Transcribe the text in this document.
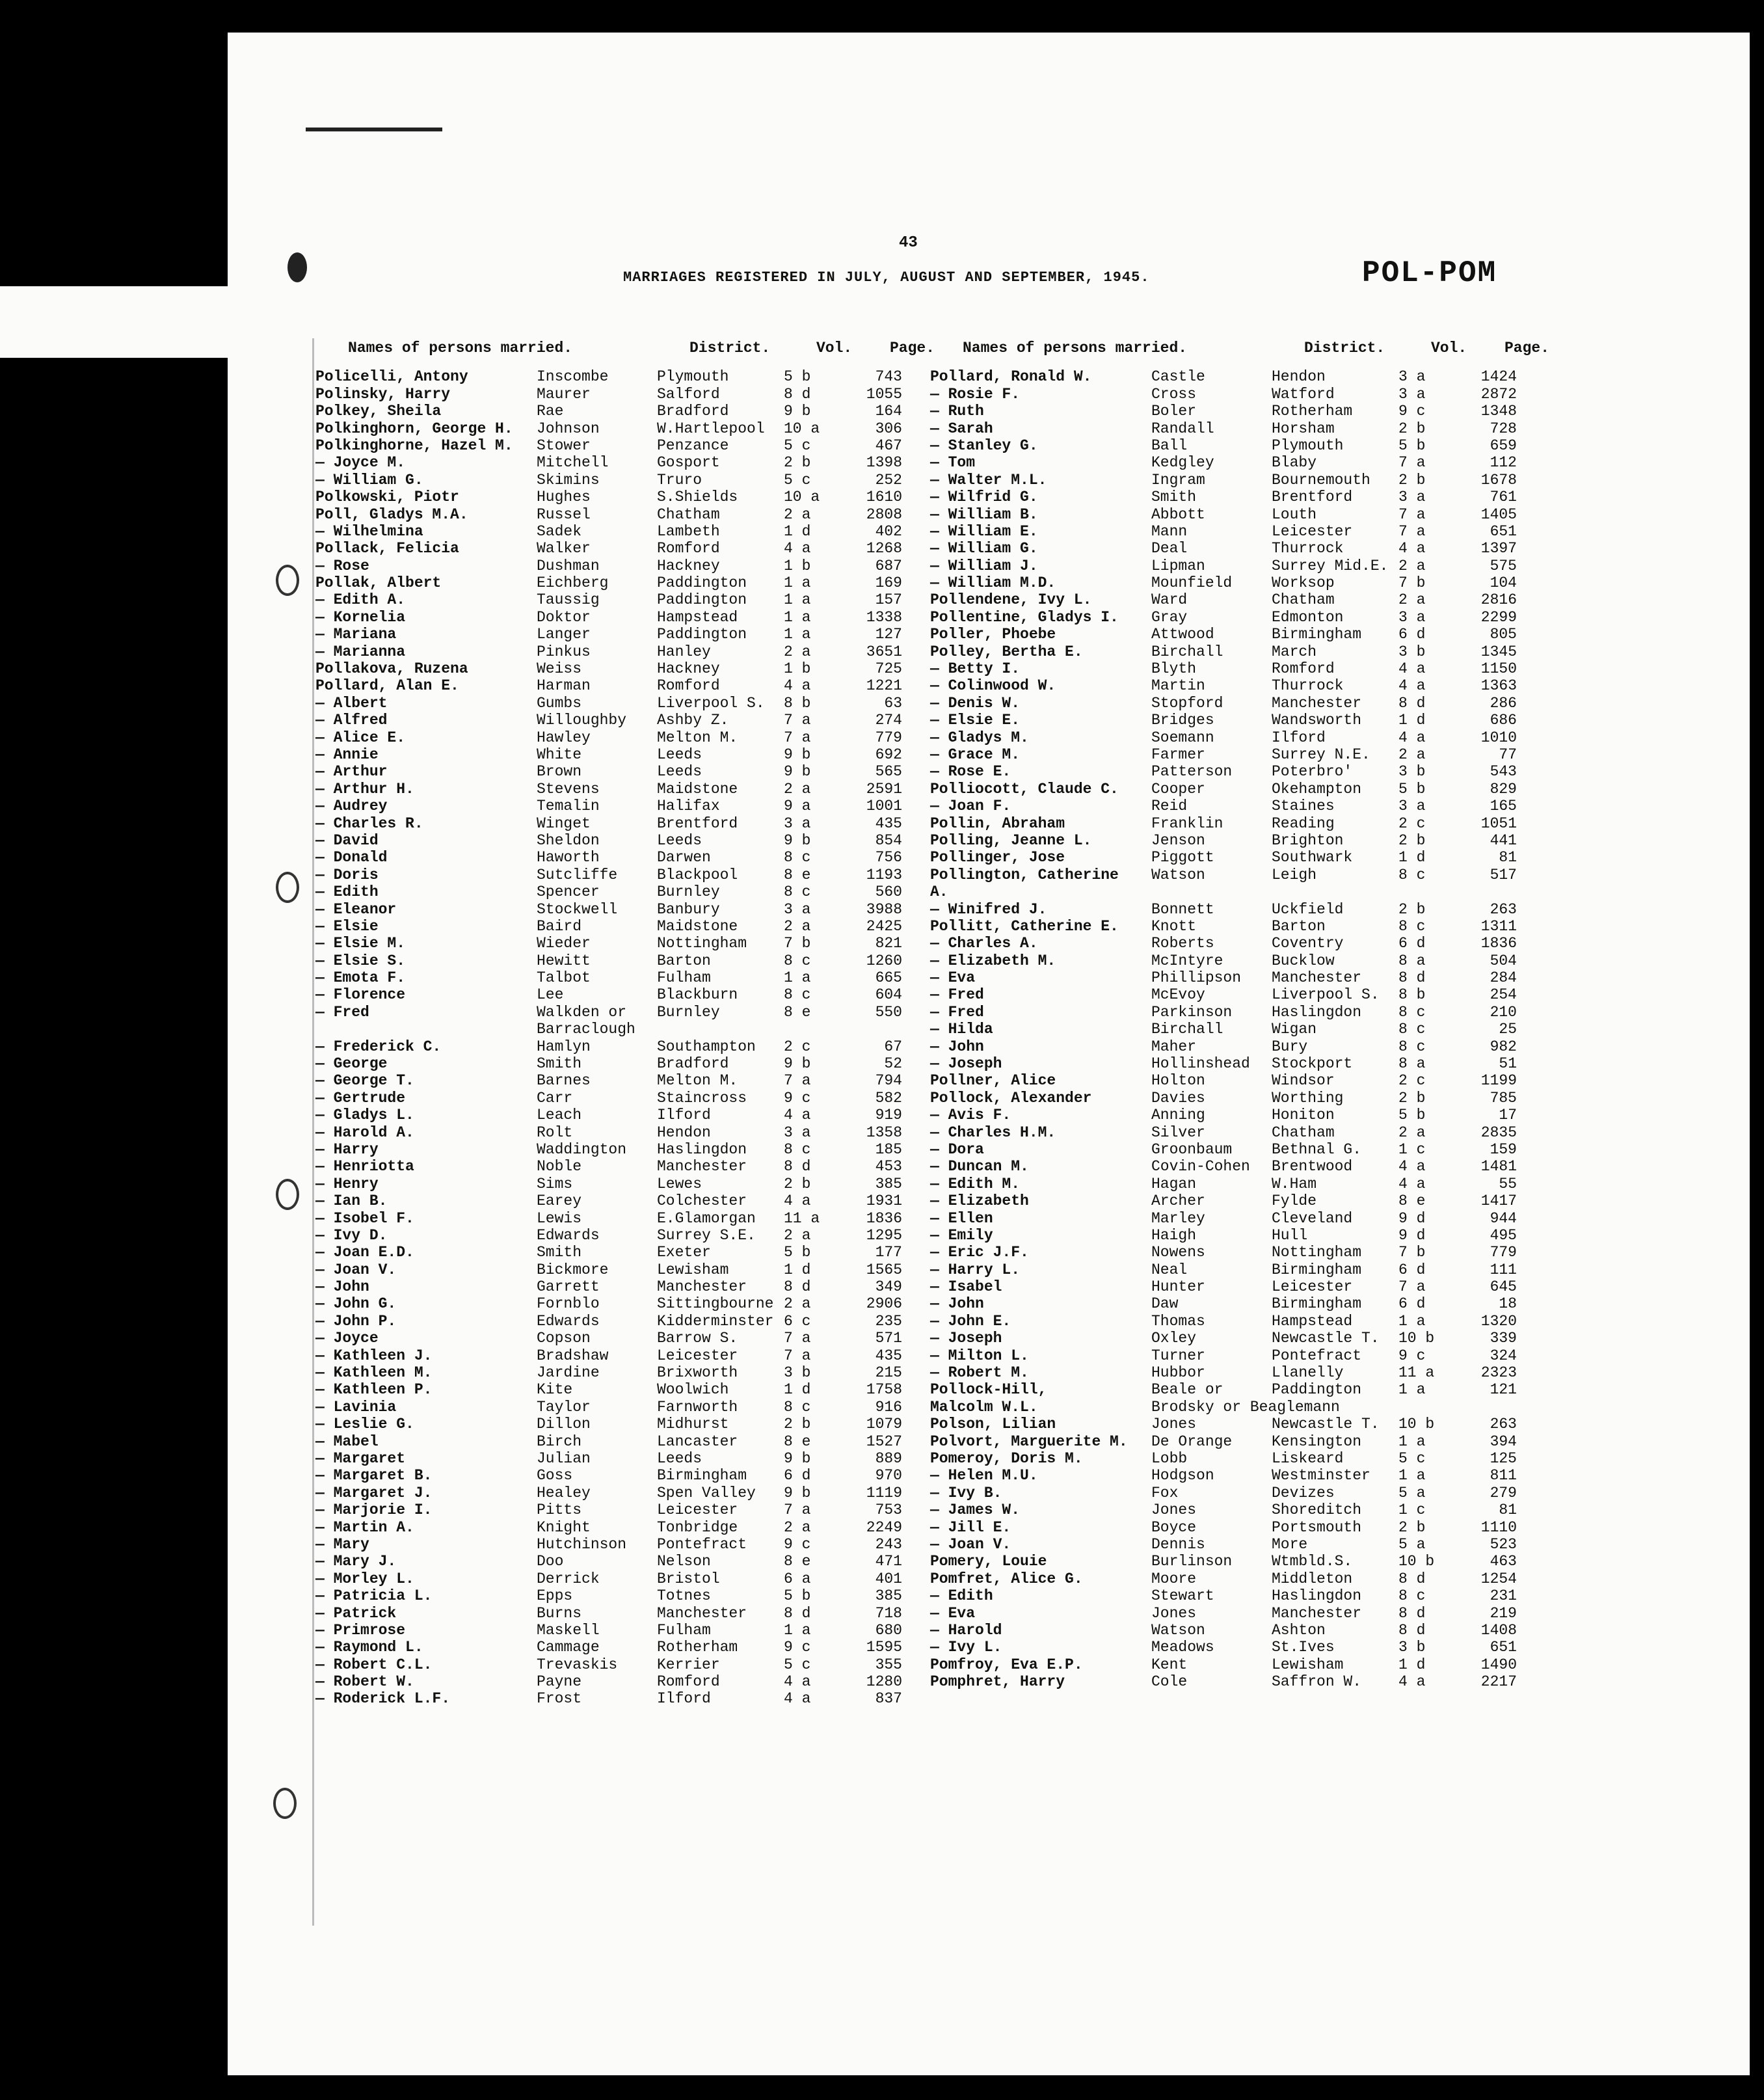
43
MARRIAGES REGISTERED IN JULY, AUGUST AND SEPTEMBER, 1945.	POL-POM
Names of persons married.	District.	Vol.	Page.
Policelli, Antony	Inscombe	Plymouth	5 b	743
Polinsky, Harry	Maurer	Salford	8 d	1055
Polkey, Sheila	Rae	Bradford	9 b	164
Polkinghorn, George H.	Johnson	W.Hartlepool	10 a	306
Polkinghorne, Hazel M.	Stower	Penzance	5 c	467
— Joyce M.	Mitchell	Gosport	2 b	1398
— William G.	Skimins	Truro	5 c	252
Polkowski, Piotr	Hughes	S.Shields	10 a	1610
Poll, Gladys M.A.	Russel	Chatham	2 a	2808
— Wilhelmina	Sadek	Lambeth	1 d	402
Pollack, Felicia	Walker	Romford	4 a	1268
— Rose	Dushman	Hackney	1 b	687
Pollak, Albert	Eichberg	Paddington	1 a	169
— Edith A.	Taussig	Paddington	1 a	157
— Kornelia	Doktor	Hampstead	1 a	1338
— Mariana	Langer	Paddington	1 a	127
— Marianna	Pinkus	Hanley	2 a	3651
Pollakova, Ruzena	Weiss	Hackney	1 b	725
Pollard, Alan E.	Harman	Romford	4 a	1221
— Albert	Gumbs	Liverpool S.	8 b	63
— Alfred	Willoughby	Ashby Z.	7 a	274
— Alice E.	Hawley	Melton M.	7 a	779
— Annie	White	Leeds	9 b	692
— Arthur	Brown	Leeds	9 b	565
— Arthur H.	Stevens	Maidstone	2 a	2591
— Audrey	Temalin	Halifax	9 a	1001
— Charles R.	Winget	Brentford	3 a	435
— David	Sheldon	Leeds	9 b	854
— Donald	Haworth	Darwen	8 c	756
— Doris	Sutcliffe	Blackpool	8 e	1193
— Edith	Spencer	Burnley	8 c	560
— Eleanor	Stockwell	Banbury	3 a	3988
— Elsie	Baird	Maidstone	2 a	2425
— Elsie M.	Wieder	Nottingham	7 b	821
— Elsie S.	Hewitt	Barton	8 c	1260
— Emota F.	Talbot	Fulham	1 a	665
— Florence	Lee	Blackburn	8 c	604
— Fred	Walkden or	Burnley	8 e	550
Barraclough
— Frederick C.	Hamlyn	Southampton	2 c	67
— George	Smith	Bradford	9 b	52
— George T.	Barnes	Melton M.	7 a	794
— Gertrude	Carr	Staincross	9 c	582
— Gladys L.	Leach	Ilford	4 a	919
— Harold A.	Rolt	Hendon	3 a	1358
— Harry	Waddington	Haslingdon	8 c	185
— Henriotta	Noble	Manchester	8 d	453
— Henry	Sims	Lewes	2 b	385
— Ian B.	Earey	Colchester	4 a	1931
— Isobel F.	Lewis	E.Glamorgan	11 a	1836
— Ivy D.	Edwards	Surrey S.E.	2 a	1295
— Joan E.D.	Smith	Exeter	5 b	177
— Joan V.	Bickmore	Lewisham	1 d	1565
— John	Garrett	Manchester	8 d	349
— John G.	Fornblo	Sittingbourne 2 a	2906
— John P.	Edwards	Kidderminster 6 c	235
— Joyce	Copson	Barrow S.	7 a	571
— Kathleen J.	Bradshaw	Leicester	7 a	435
— Kathleen M.	Jardine	Brixworth	3 b	215
— Kathleen P.	Kite	Woolwich	1 d	1758
— Lavinia	Taylor	Farnworth	8 c	916
— Leslie G.	Dillon	Midhurst	2 b	1079
— Mabel	Birch	Lancaster	8 e	1527
— Margaret	Julian	Leeds	9 b	889
— Margaret B.	Goss	Birmingham	6 d	970
— Margaret J.	Healey	Spen Valley	9 b	1119
— Marjorie I.	Pitts	Leicester	7 a	753
— Martin A.	Knight	Tonbridge	2 a	2249
— Mary	Hutchinson	Pontefract	9 c	243
— Mary J.	Doo	Nelson	8 e	471
— Morley L.	Derrick	Bristol	6 a	401
— Patricia L.	Epps	Totnes	5 b	385
— Patrick	Burns	Manchester	8 d	718
— Primrose	Maskell	Fulham	1 a	680
— Raymond L.	Cammage	Rotherham	9 c	1595
— Robert C.L.	Trevaskis	Kerrier	5 c	355
— Robert W.	Payne	Romford	4 a	1280
— Roderick L.F.	Frost	Ilford	4 a	837
Names of persons married.	District.	Vol.	Page.
Pollard, Ronald W.	Castle	Hendon	3 a	1424
— Rosie F.	Cross	Watford	3 a	2872
— Ruth	Boler	Rotherham	9 c	1348
— Sarah	Randall	Horsham	2 b	728
— Stanley G.	Ball	Plymouth	5 b	659
— Tom	Kedgley	Blaby	7 a	112
— Walter M.L.	Ingram	Bournemouth	2 b	1678
— Wilfrid G.	Smith	Brentford	3 a	761
— William B.	Abbott	Louth	7 a	1405
— William E.	Mann	Leicester	7 a	651
— William G.	Deal	Thurrock	4 a	1397
— William J.	Lipman	Surrey Mid.E. 2 a	575
— William M.D.	Mounfield	Worksop	7 b	104
Pollendene, Ivy L.	Ward	Chatham	2 a	2816
Pollentine, Gladys I.	Gray	Edmonton	3 a	2299
Poller, Phoebe	Attwood	Birmingham	6 d	805
Polley, Bertha E.	Birchall	March	3 b	1345
— Betty I.	Blyth	Romford	4 a	1150
— Colinwood W.	Martin	Thurrock	4 a	1363
— Denis W.	Stopford	Manchester	8 d	286
— Elsie E.	Bridges	Wandsworth	1 d	686
— Gladys M.	Soemann	Ilford	4 a	1010
— Grace M.	Farmer	Surrey N.E.	2 a	77
— Rose E.	Patterson	Poterbro'	3 b	543
Polliocott, Claude C.	Cooper	Okehampton	5 b	829
— Joan F.	Reid	Staines	3 a	165
Pollin, Abraham	Franklin	Reading	2 c	1051
Polling, Jeanne L.	Jenson	Brighton	2 b	441
Pollinger, Jose	Piggott	Southwark	1 d	81
Pollington, Catherine	Watson	Leigh	8 c	517
A.
— Winifred J.	Bonnett	Uckfield	2 b	263
Pollitt, Catherine E.	Knott	Barton	8 c	1311
— Charles A.	Roberts	Coventry	6 d	1836
— Elizabeth M.	McIntyre	Bucklow	8 a	504
— Eva	Phillipson	Manchester	8 d	284
— Fred	McEvoy	Liverpool S.	8 b	254
— Fred	Parkinson	Haslingdon	8 c	210
— Hilda	Birchall	Wigan	8 c	25
— John	Maher	Bury	8 c	982
— Joseph	Hollinshead	Stockport	8 a	51
Pollner, Alice	Holton	Windsor	2 c	1199
Pollock, Alexander	Davies	Worthing	2 b	785
— Avis F.	Anning	Honiton	5 b	17
— Charles H.M.	Silver	Chatham	2 a	2835
— Dora	Groonbaum	Bethnal G.	1 c	159
— Duncan M.	Covin-Cohen	Brentwood	4 a	1481
— Edith M.	Hagan	W.Ham	4 a	55
— Elizabeth	Archer	Fylde	8 e	1417
— Ellen	Marley	Cleveland	9 d	944
— Emily	Haigh	Hull	9 d	495
— Eric J.F.	Nowens	Nottingham	7 b	779
— Harry L.	Neal	Birmingham	6 d	111
— Isabel	Hunter	Leicester	7 a	645
— John	Daw	Birmingham	6 d	18
— John E.	Thomas	Hampstead	1 a	1320
— Joseph	Oxley	Newcastle T.	10 b	339
— Milton L.	Turner	Pontefract	9 c	324
— Robert M.	Hubbor	Llanelly	11 a	2323
Pollock-Hill,	Beale or	Paddington	1 a	121
Malcolm W.L.	Brodsky or Beaglemann
Polson, Lilian	Jones	Newcastle T.	10 b	263
Polvort, Marguerite M.	De Orange	Kensington	1 a	394
Pomeroy, Doris M.	Lobb	Liskeard	5 c	125
— Helen M.U.	Hodgson	Westminster	1 a	811
— Ivy B.	Fox	Devizes	5 a	279
— James W.	Jones	Shoreditch	1 c	81
— Jill E.	Boyce	Portsmouth	2 b	1110
— Joan V.	Dennis	More	5 a	523
Pomery, Louie	Burlinson	Wtmbld.S.	10 b	463
Pomfret, Alice G.	Moore	Middleton	8 d	1254
— Edith	Stewart	Haslingdon	8 c	231
— Eva	Jones	Manchester	8 d	219
— Harold	Watson	Ashton	8 d	1408
— Ivy L.	Meadows	St.Ives	3 b	651
Pomfroy, Eva E.P.	Kent	Lewisham	1 d	1490
Pomphret, Harry	Cole	Saffron W.	4 a	2217
